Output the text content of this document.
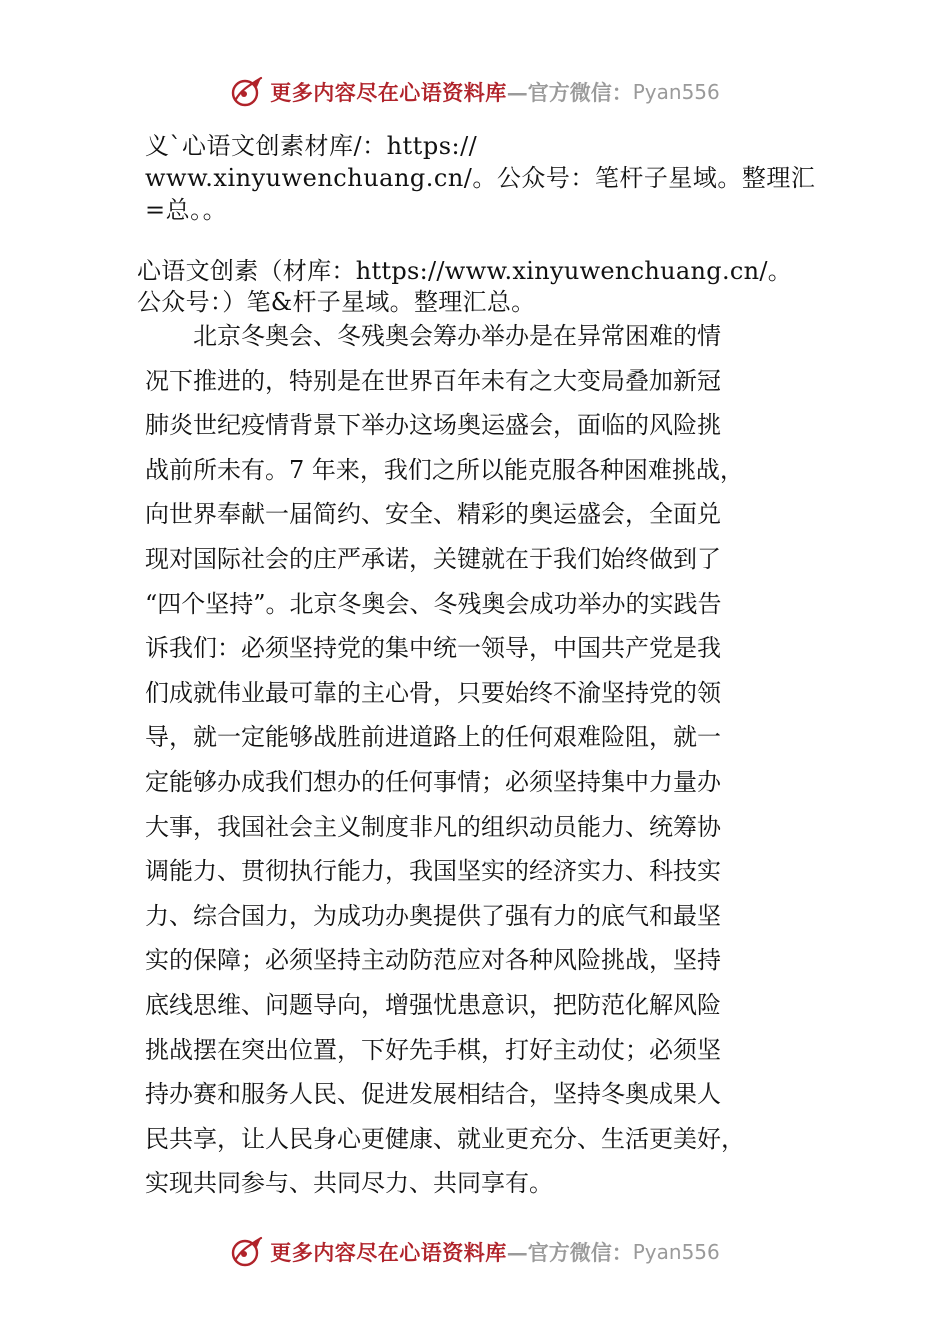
更多内容尽在心语资料库 — 官方微信： Pyan556
义`心语文创素材库/：https://
www.xinyuwenchuang.cn/。公众号：笔杆子星域。整理汇
=总。。
心语文创素（材库：https://www.xinyuwenchuang.cn/。
公众号：）笔&杆子星域。整理汇总。
　　北京冬奥会、冬残奥会筹办举办是在异常困难的情
况下推进的，特别是在世界百年未有之大变局叠加新冠
肺炎世纪疫情背景下举办这场奥运盛会，面临的风险挑
战前所未有。7 年来，我们之所以能克服各种困难挑战，
向世界奉献一届简约、安全、精彩的奥运盛会，全面兑
现对国际社会的庄严承诺，关键就在于我们始终做到了
“四个坚持”。北京冬奥会、冬残奥会成功举办的实践告
诉我们：必须坚持党的集中统一领导，中国共产党是我
们成就伟业最可靠的主心骨，只要始终不渝坚持党的领
导，就一定能够战胜前进道路上的任何艰难险阻，就一
定能够办成我们想办的任何事情；必须坚持集中力量办
大事，我国社会主义制度非凡的组织动员能力、统筹协
调能力、贯彻执行能力，我国坚实的经济实力、科技实
力、综合国力，为成功办奥提供了强有力的底气和最坚
实的保障；必须坚持主动防范应对各种风险挑战，坚持
底线思维、问题导向，增强忧患意识，把防范化解风险
挑战摆在突出位置，下好先手棋，打好主动仗；必须坚
持办赛和服务人民、促进发展相结合，坚持冬奥成果人
民共享，让人民身心更健康、就业更充分、生活更美好，
实现共同参与、共同尽力、共同享有。
更多内容尽在心语资料库 — 官方微信： Pyan556
